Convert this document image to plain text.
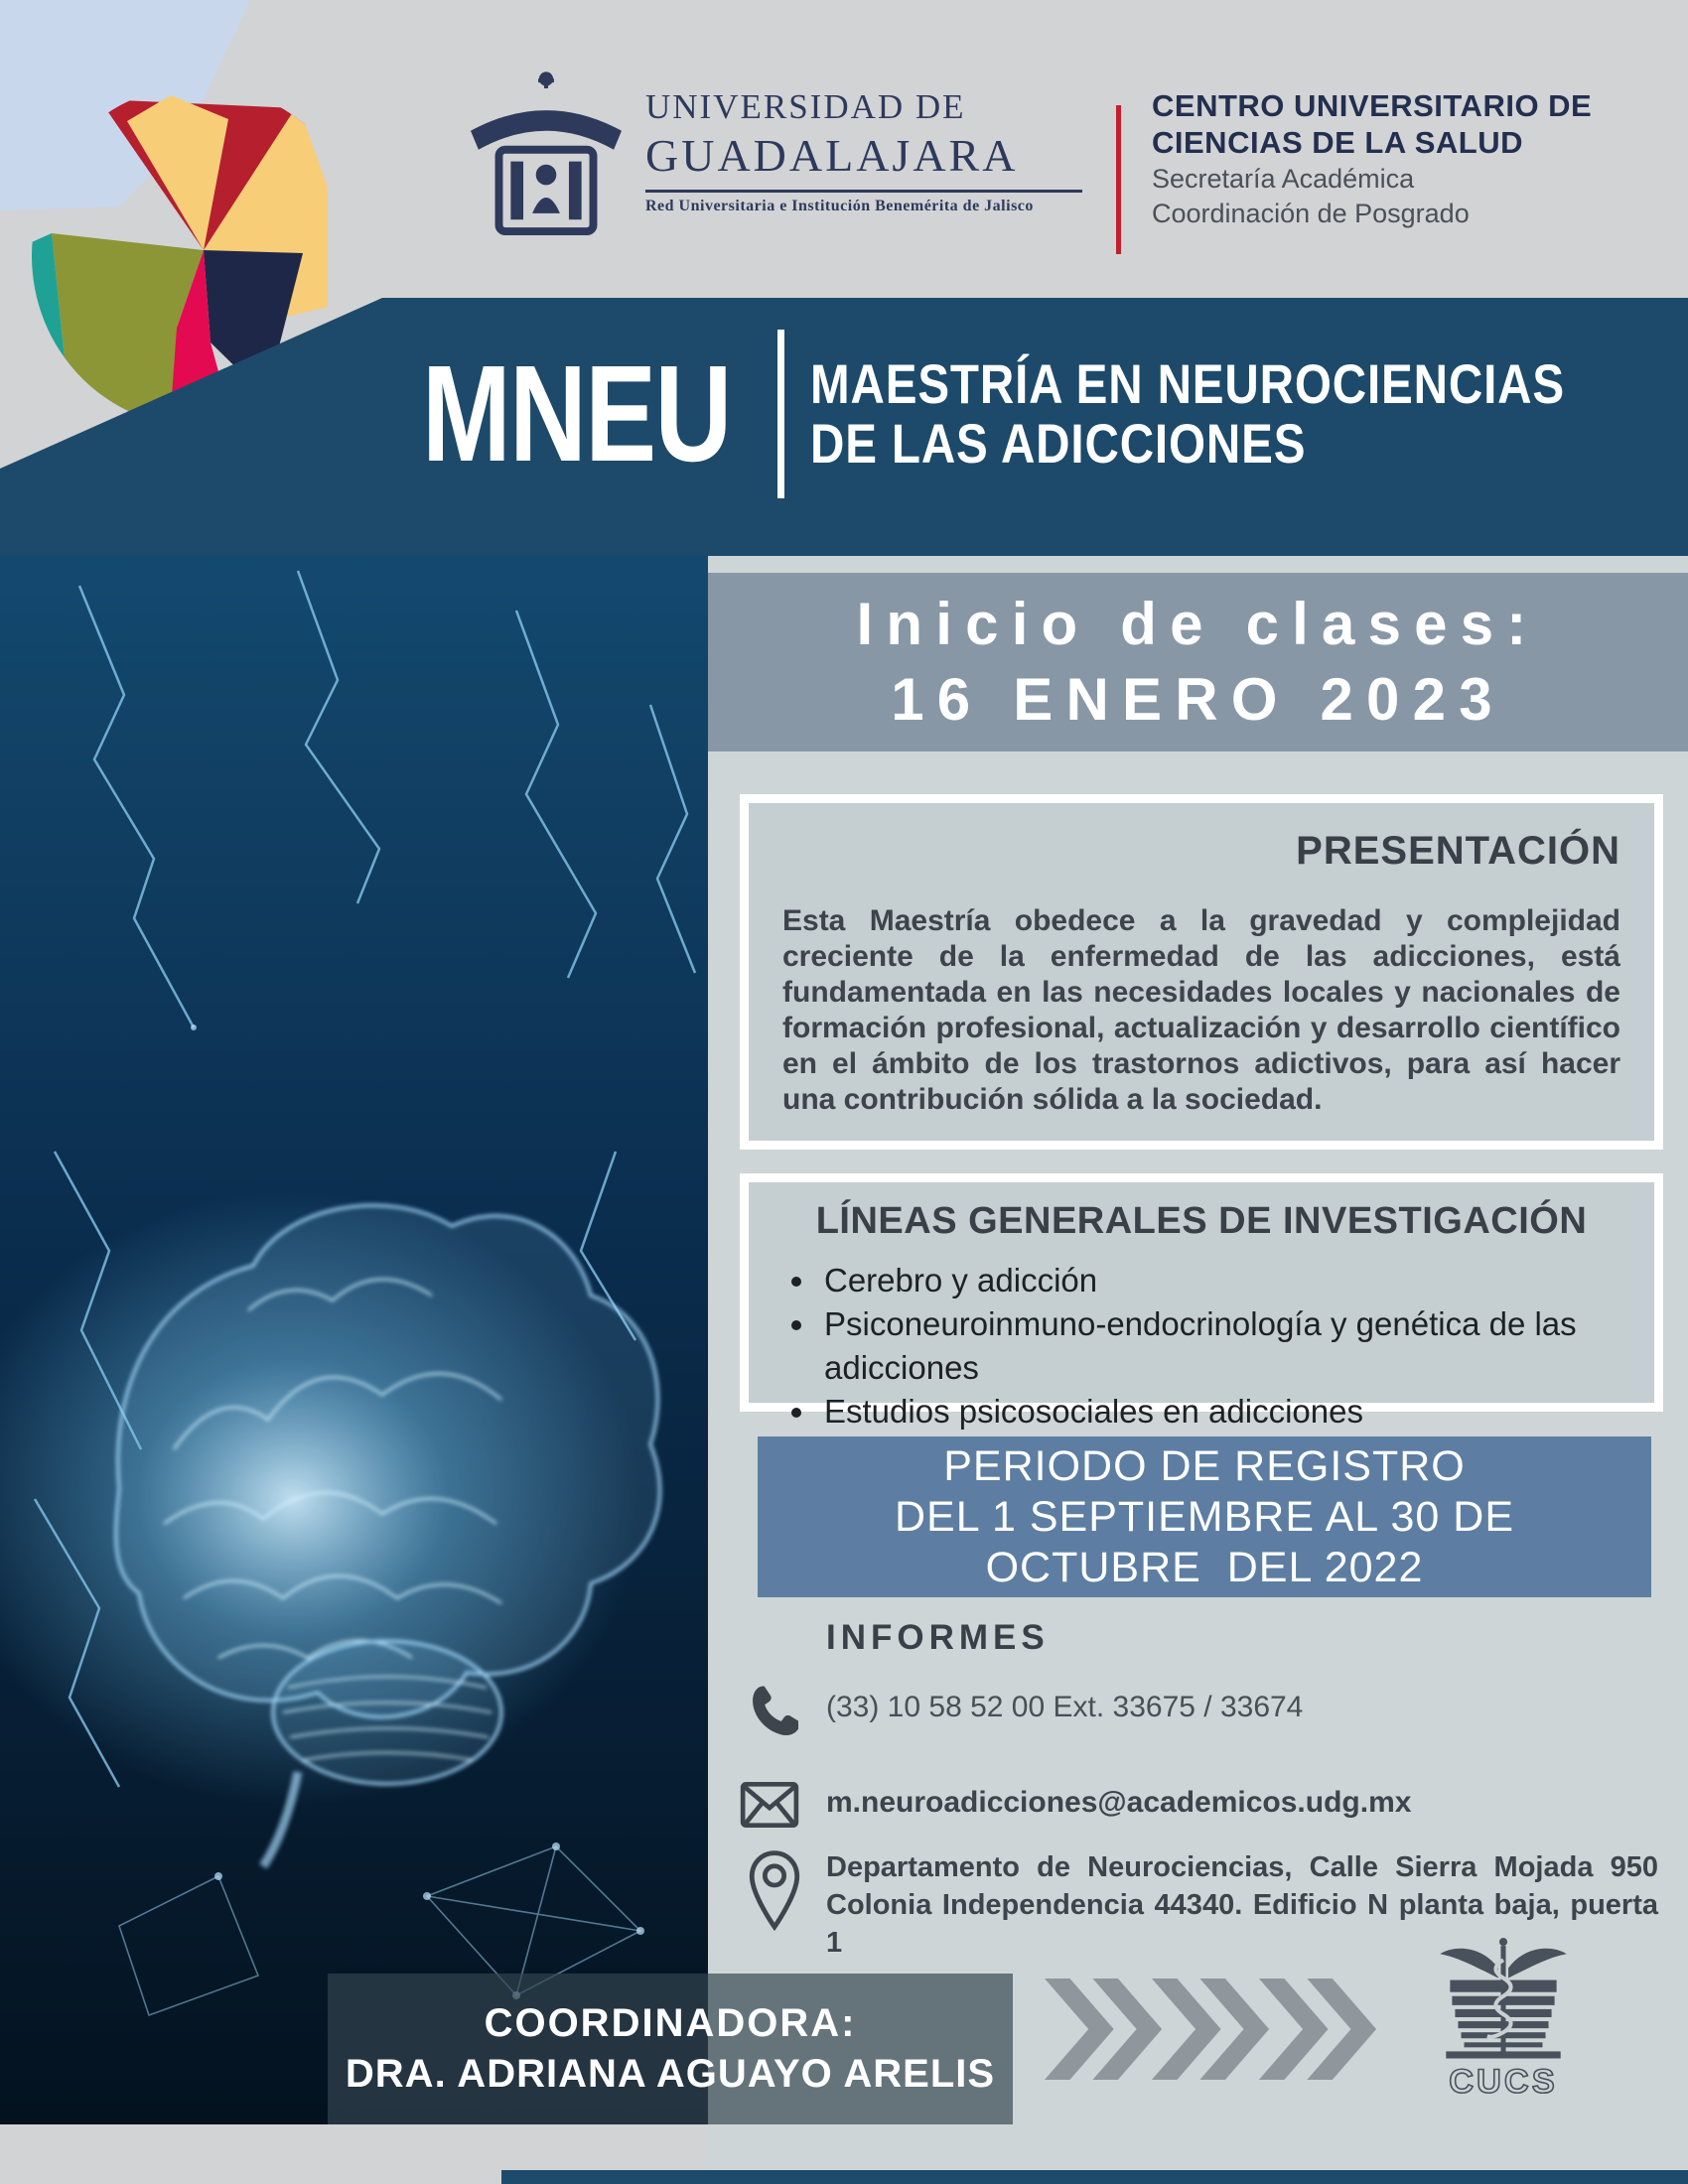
UNIVERSIDAD DE
GUADALAJARA
Red Universitaria e Institución Benemérita de Jalisco
CENTRO UNIVERSITARIO DE
CIENCIAS DE LA SALUD
Secretaría Académica
Coordinación de Posgrado
MNEU MAESTRÍA EN NEUROCIENCIAS
DE LAS ADICCIONES
Inicio de clases:
16 ENERO 2023
PRESENTACIÓN
Esta Maestría obedece a la gravedad y complejidad creciente de la enfermedad de las adicciones, está fundamentada en las necesidades locales y nacionales de formación profesional, actualización y desarrollo científico en el ámbito de los trastornos adictivos, para así hacer una contribución sólida a la sociedad.
LÍNEAS GENERALES DE INVESTIGACIÓN
• Cerebro y adicción
• Psiconeuroinmuno-endocrinología y genética de las adicciones
• Estudios psicosociales en adicciones
PERIODO DE REGISTRO
DEL 1 SEPTIEMBRE AL 30 DE
OCTUBRE  DEL 2022
INFORMES
(33) 10 58 52 00 Ext. 33675 / 33674
m.neuroadicciones@academicos.udg.mx
Departamento de Neurociencias, Calle Sierra Mojada 950 Colonia Independencia 44340. Edificio N planta baja, puerta 1
COORDINADORA:
DRA. ADRIANA AGUAYO ARELIS	CUCS
